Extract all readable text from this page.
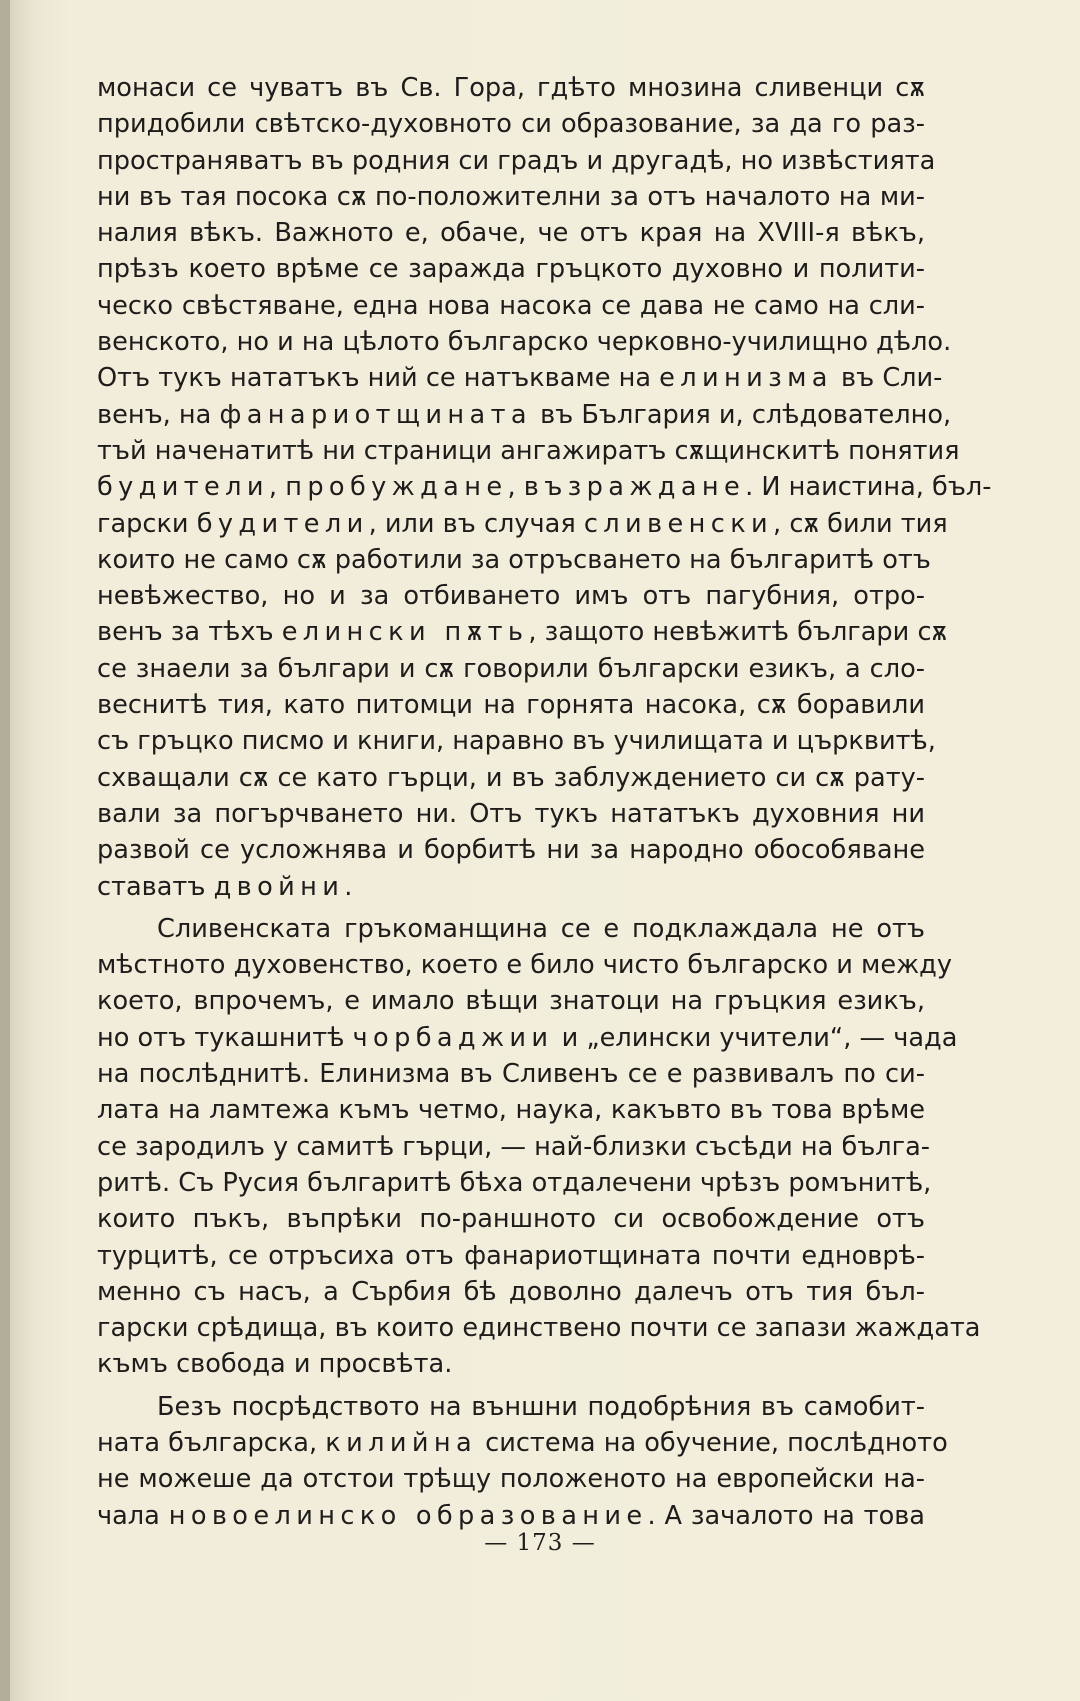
монаси се чуватъ въ Св. Гора, гдѣто мнозина сливенци сѫ
придобили свѣтско-духовното си образование, за да го раз-
пространяватъ въ родния си градъ и другадѣ, но извѣстията
ни въ тая посока сѫ по-положителни за отъ началото на ми-
налия вѣкъ. Важното е, обаче, че отъ края на XVIII-я вѣкъ,
прѣзъ което врѣме се заражда гръцкото духовно и полити-
ческо свѣстяване, една нова насока се дава не само на сли-
венското, но и на цѣлото българско черковно-училищно дѣло.
Отъ тукъ нататъкъ ний се натъкваме на елинизма въ Сли-
венъ, на фанариотщината въ България и, слѣдователно,
тъй наченатитѣ ни страници ангажиратъ сѫщинскитѣ понятия
будители, пробуждане, възраждане. И наистина, бъл-
гарски будители, или въ случая сливенски, сѫ били тия
които не само сѫ работили за отръсването на българитѣ отъ
невѣжество, но и за отбиването имъ отъ пагубния, отро-
венъ за тѣхъ елински пѫть, защото невѣжитѣ българи сѫ
се знаели за българи и сѫ говорили български езикъ, а сло-
веснитѣ тия, като питомци на горнята насока, сѫ боравили
съ гръцко писмо и книги, наравно въ училищата и църквитѣ,
схващали сѫ се като гърци, и въ заблуждението си сѫ рату-
вали за погърчването ни. Отъ тукъ нататъкъ духовния ни
развой се усложнява и борбитѣ ни за народно обособяване
ставатъ двойни.
Сливенската гръкоманщина се е подклаждала не отъ
мѣстното духовенство, което е било чисто българско и между
което, впрочемъ, е имало вѣщи знатоци на гръцкия езикъ,
но отъ тукашнитѣ чорбаджии и „елински учители“, — чада
на послѣднитѣ. Елинизма въ Сливенъ се е развивалъ по си-
лата на ламтежа къмъ четмо, наука, какъвто въ това врѣме
се зародилъ у самитѣ гърци, — най-близки съсѣди на бълга-
ритѣ. Съ Русия българитѣ бѣха отдалечени чрѣзъ ромънитѣ,
които пъкъ, въпрѣки по-раншното си освобождение отъ
турцитѣ, се отръсиха отъ фанариотщината почти едноврѣ-
менно съ насъ, а Сърбия бѣ доволно далечъ отъ тия бъл-
гарски срѣдища, въ които единствено почти се запази жаждата
къмъ свобода и просвѣта.
Безъ посрѣдството на външни подобрѣния въ самобит-
ната българска, килийна система на обучение, послѣдното
не можеше да отстои трѣщу положеното на европейски на-
чала новоелинско образование. А зачалото на това
— 173 —
